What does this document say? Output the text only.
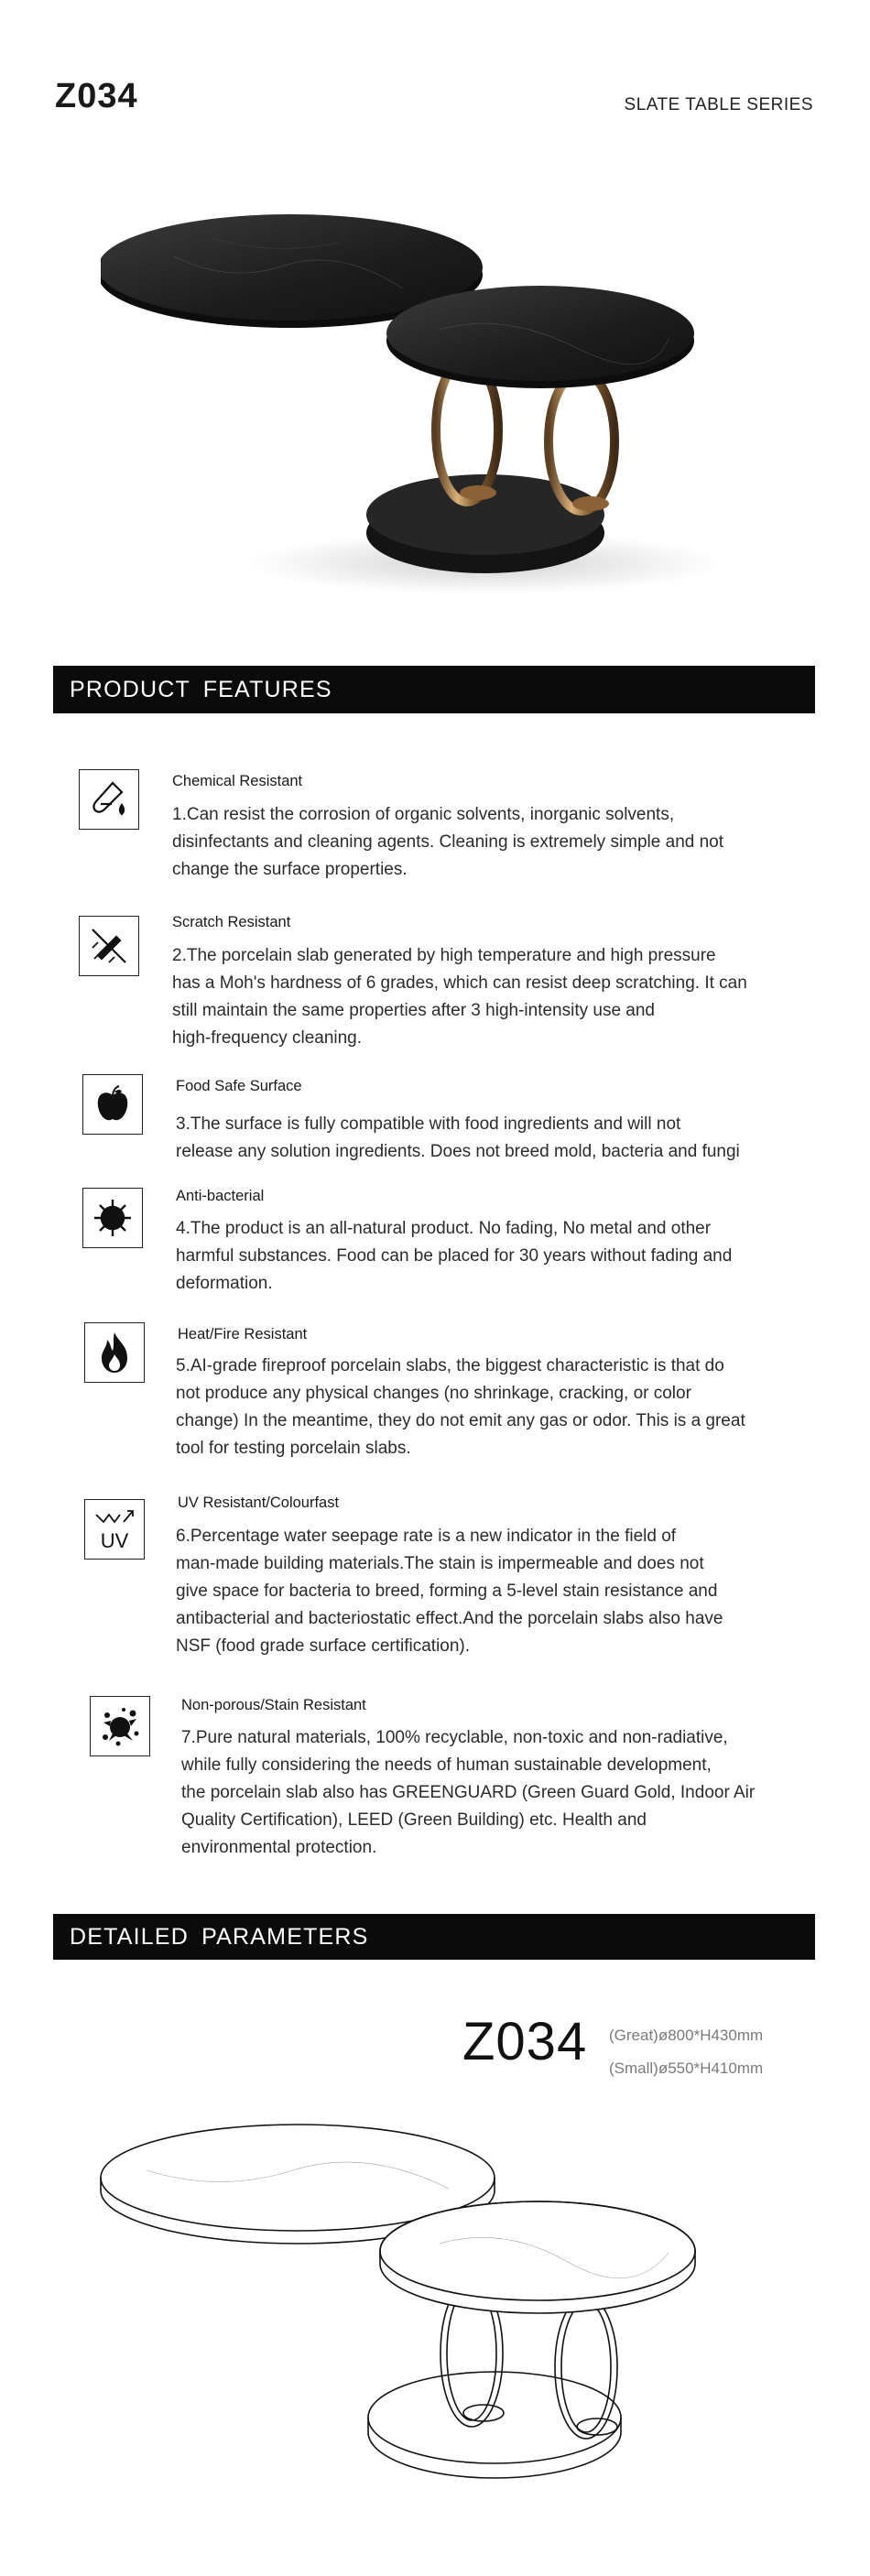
Z034	SLATE TABLE SERIES
PRODUCT FEATURES
Chemical Resistant
1.Can resist the corrosion of organic solvents, inorganic solvents,
disinfectants and cleaning agents. Cleaning is extremely simple and not
change the surface properties.
Scratch Resistant
2.The porcelain slab generated by high temperature and high pressure
has a Moh's hardness of 6 grades, which can resist deep scratching. It can
still maintain the same properties after 3 high-intensity use and
high-frequency cleaning.
Food Safe Surface
3.The surface is fully compatible with food ingredients and will not
release any solution ingredients. Does not breed mold, bacteria and fungi
Anti-bacterial
4.The product is an all-natural product. No fading, No metal and other
harmful substances. Food can be placed for 30 years without fading and
deformation.
Heat/Fire Resistant
5.AI-grade fireproof porcelain slabs, the biggest characteristic is that do
not produce any physical changes (no shrinkage, cracking, or color
change) In the meantime, they do not emit any gas or odor. This is a great
tool for testing porcelain slabs.
UV
UV Resistant/Colourfast
6.Percentage water seepage rate is a new indicator in the field of
man-made building materials.The stain is impermeable and does not
give space for bacteria to breed, forming a 5-level stain resistance and
antibacterial and bacteriostatic effect.And the porcelain slabs also have
NSF (food grade surface certification).
Non-porous/Stain Resistant
7.Pure natural materials, 100% recyclable, non-toxic and non-radiative,
while fully considering the needs of human sustainable development,
the porcelain slab also has GREENGUARD (Green Guard Gold, Indoor Air
Quality Certification), LEED (Green Building) etc. Health and
environmental protection.
DETAILED PARAMETERS
Z034 (Great)ø800*H430mm
(Small)ø550*H410mm
